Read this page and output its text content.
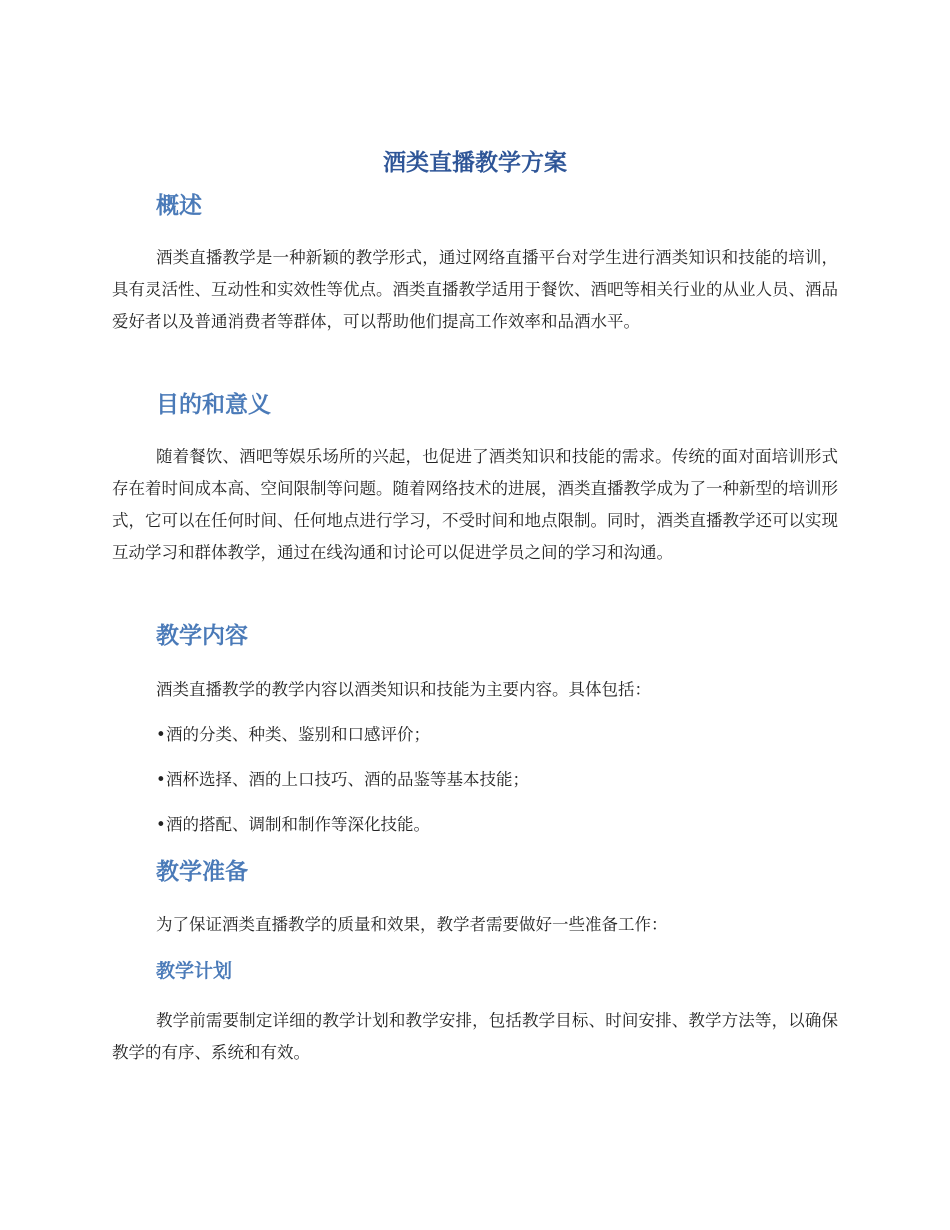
酒类直播教学方案
概述

酒类直播教学是一种新颖的教学形式，通过网络直播平台对学生进行酒类知识和技能的培训，具有灵活性、互动性和实效性等优点。酒类直播教学适用于餐饮、酒吧等相关行业的从业人员、酒品爱好者以及普通消费者等群体，可以帮助他们提高工作效率和品酒水平。

目的和意义

随着餐饮、酒吧等娱乐场所的兴起，也促进了酒类知识和技能的需求。传统的面对面培训形式存在着时间成本高、空间限制等问题。随着网络技术的进展，酒类直播教学成为了一种新型的培训形式，它可以在任何时间、任何地点进行学习，不受时间和地点限制。同时，酒类直播教学还可以实现互动学习和群体教学，通过在线沟通和讨论可以促进学员之间的学习和沟通。

教学内容

酒类直播教学的教学内容以酒类知识和技能为主要内容。具体包括：

•酒的分类、种类、鉴别和口感评价；
•酒杯选择、酒的上口技巧、酒的品鉴等基本技能；
•酒的搭配、调制和制作等深化技能。
教学准备

为了保证酒类直播教学的质量和效果，教学者需要做好一些准备工作：

教学计划

教学前需要制定详细的教学计划和教学安排，包括教学目标、时间安排、教学方法等，以确保教学的有序、系统和有效。
